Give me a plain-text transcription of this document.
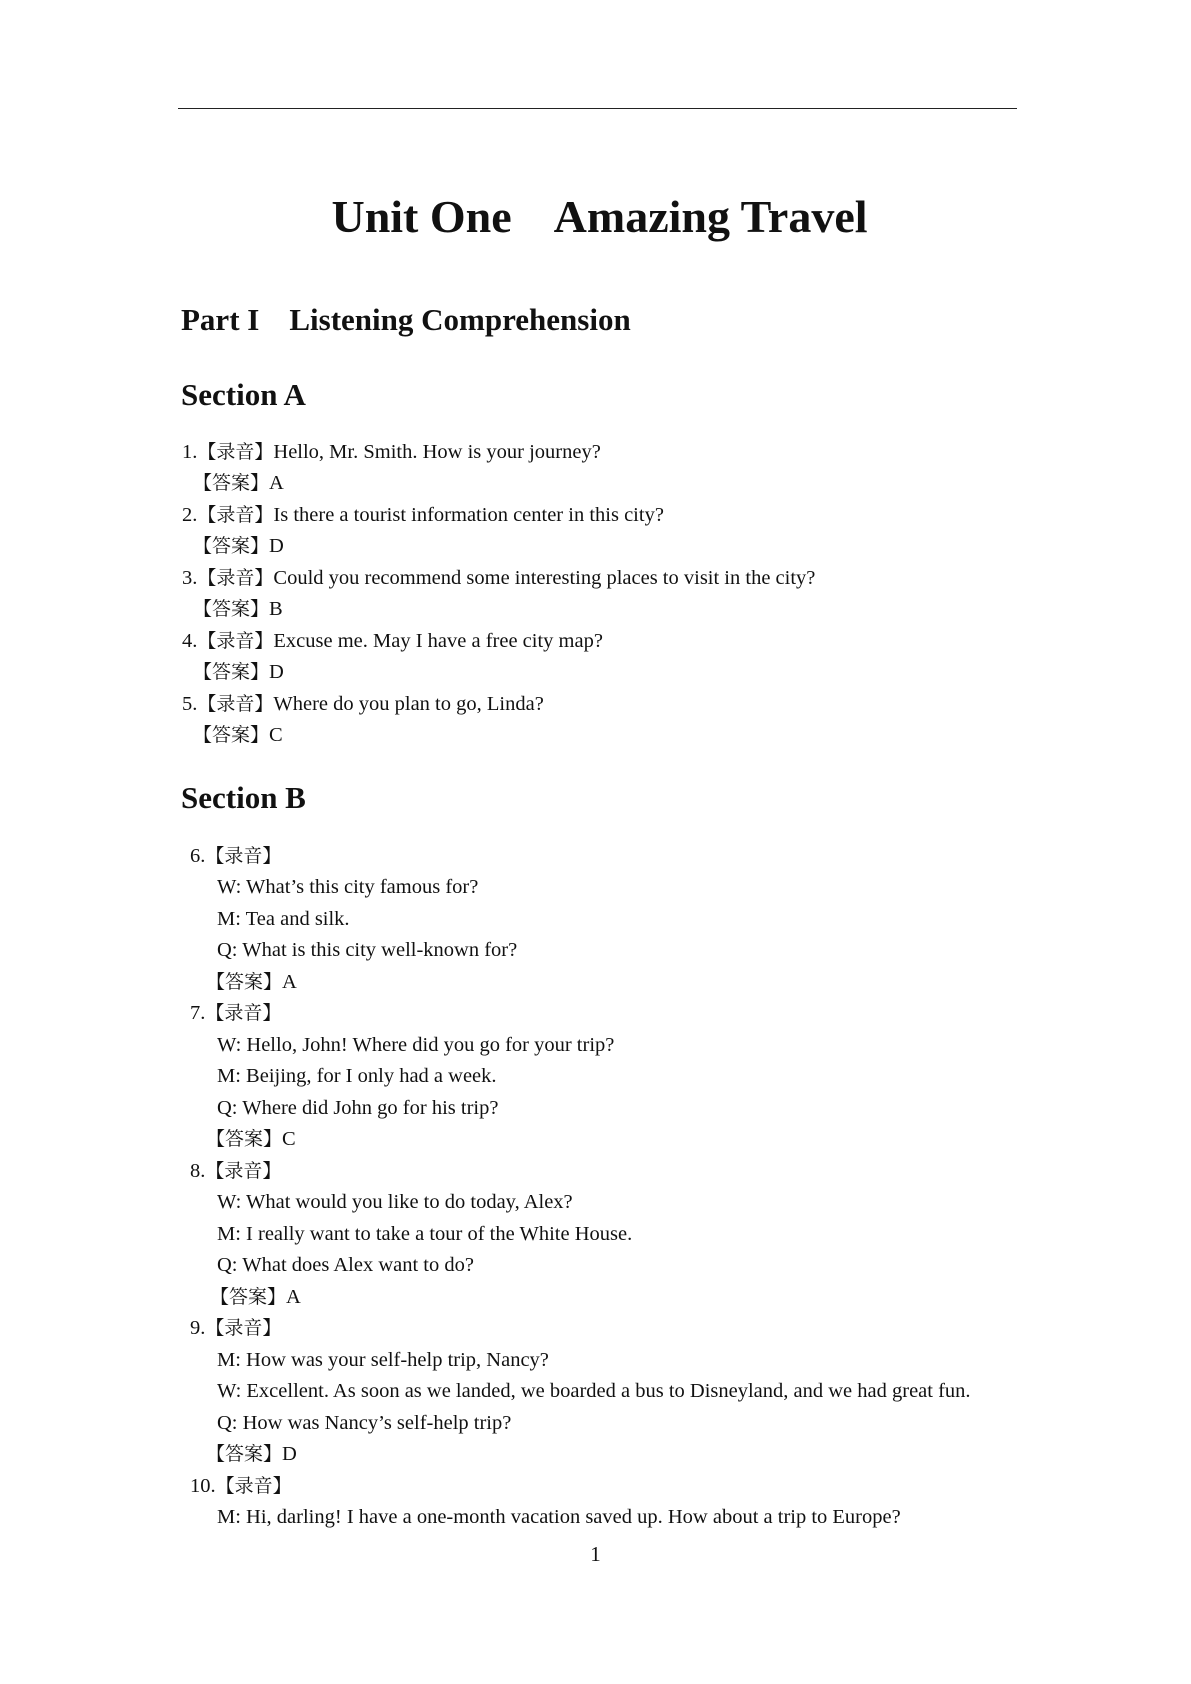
Unit One Amazing Travel
Part I Listening Comprehension
Section A
1.【录音】Hello, Mr. Smith. How is your journey?
【答案】A
2.【录音】Is there a tourist information center in this city?
【答案】D
3.【录音】Could you recommend some interesting places to visit in the city?
【答案】B
4.【录音】Excuse me. May I have a free city map?
【答案】D
5.【录音】Where do you plan to go, Linda?
【答案】C
Section B
6.【录音】
W: What’s this city famous for?
M: Tea and silk.
Q: What is this city well-known for?
【答案】A
7.【录音】
W: Hello, John! Where did you go for your trip?
M: Beijing, for I only had a week.
Q: Where did John go for his trip?
【答案】C
8.【录音】
W: What would you like to do today, Alex?
M: I really want to take a tour of the White House.
Q: What does Alex want to do?
【答案】A
9.【录音】
M: How was your self-help trip, Nancy?
W: Excellent. As soon as we landed, we boarded a bus to Disneyland, and we had great fun.
Q: How was Nancy’s self-help trip?
【答案】D
10.【录音】
M: Hi, darling! I have a one-month vacation saved up. How about a trip to Europe?
1
